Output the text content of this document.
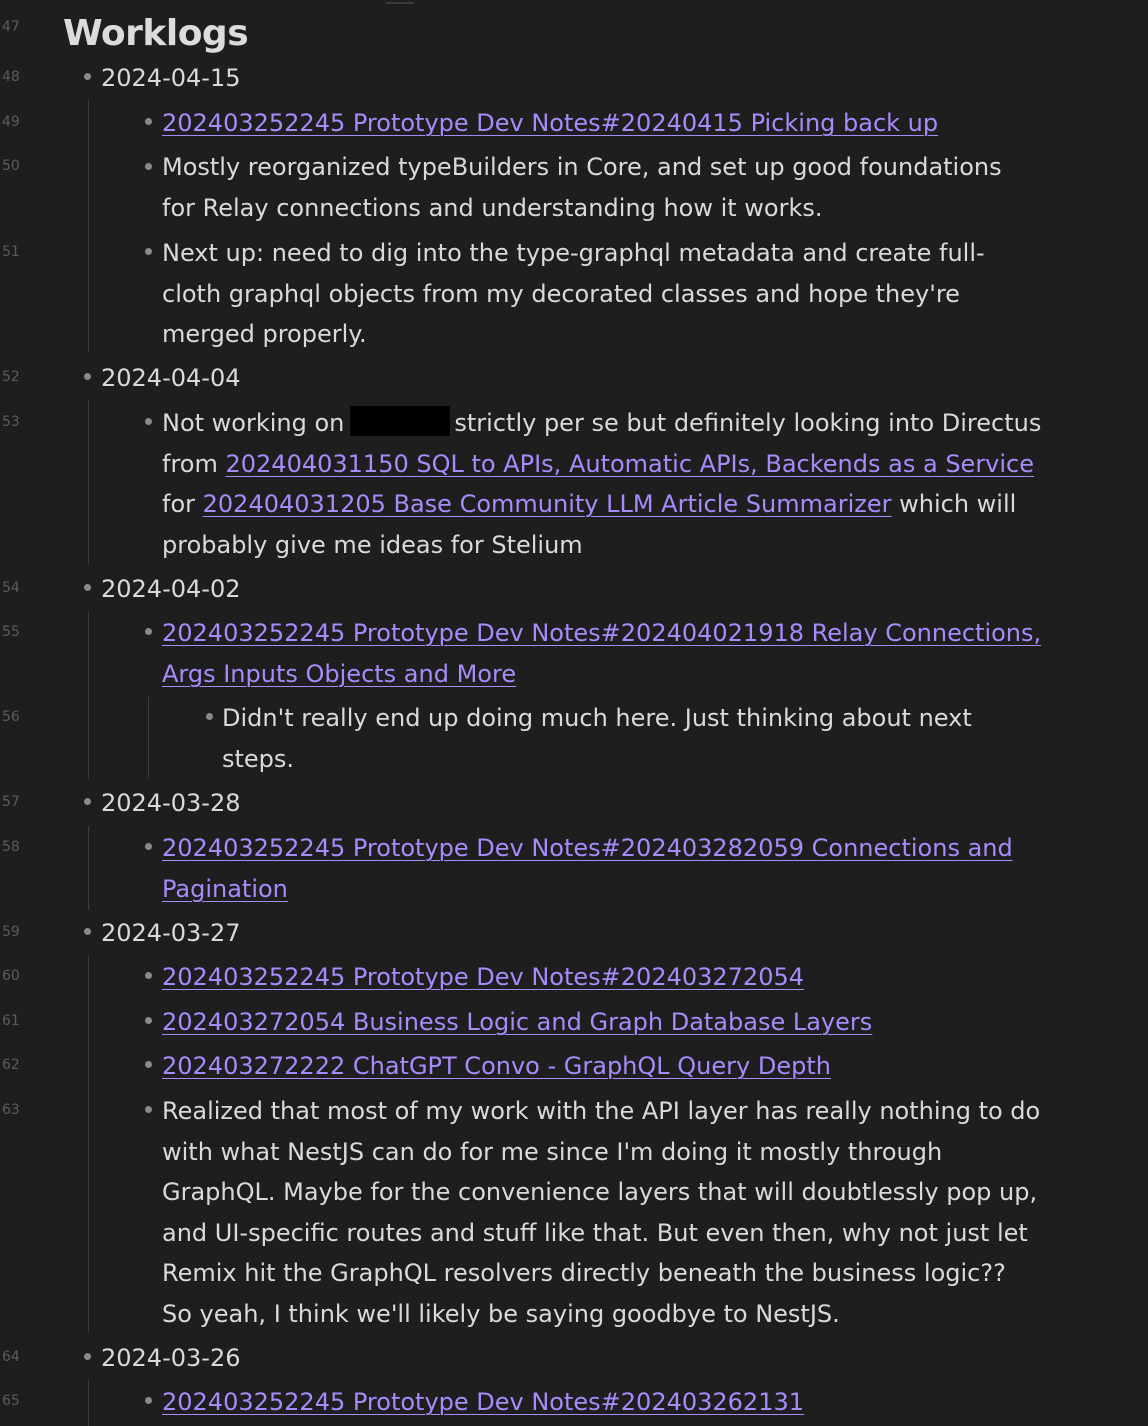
47
48
49
50
51
52
53
54
55
56
57
58
59
60
61
62
63
64
65
Worklogs
2024-04-15
202403252245 Prototype Dev Notes#20240415 Picking back up
Mostly reorganized typeBuilders in Core, and set up good foundations for Relay connections and understanding how it works.
Next up: need to dig into the type-graphql metadata and create full-cloth graphql objects from my decorated classes and hope they're merged properly.
2024-04-04
Not working on	strictly per se but definitely looking into Directus from 202404031150 SQL to APIs, Automatic APIs, Backends as a Service for 202404031205 Base Community LLM Article Summarizer which will probably give me ideas for Stelium
2024-04-02
202403252245 Prototype Dev Notes#202404021918 Relay Connections, Args Inputs Objects and More
Didn't really end up doing much here. Just thinking about next steps.
2024-03-28
202403252245 Prototype Dev Notes#202403282059 Connections and Pagination
2024-03-27
202403252245 Prototype Dev Notes#202403272054
202403272054 Business Logic and Graph Database Layers
202403272222 ChatGPT Convo - GraphQL Query Depth
Realized that most of my work with the API layer has really nothing to do with what NestJS can do for me since I'm doing it mostly through GraphQL. Maybe for the convenience layers that will doubtlessly pop up, and UI-specific routes and stuff like that. But even then, why not just let Remix hit the GraphQL resolvers directly beneath the business logic?? So yeah, I think we'll likely be saying goodbye to NestJS.
2024-03-26
202403252245 Prototype Dev Notes#202403262131
